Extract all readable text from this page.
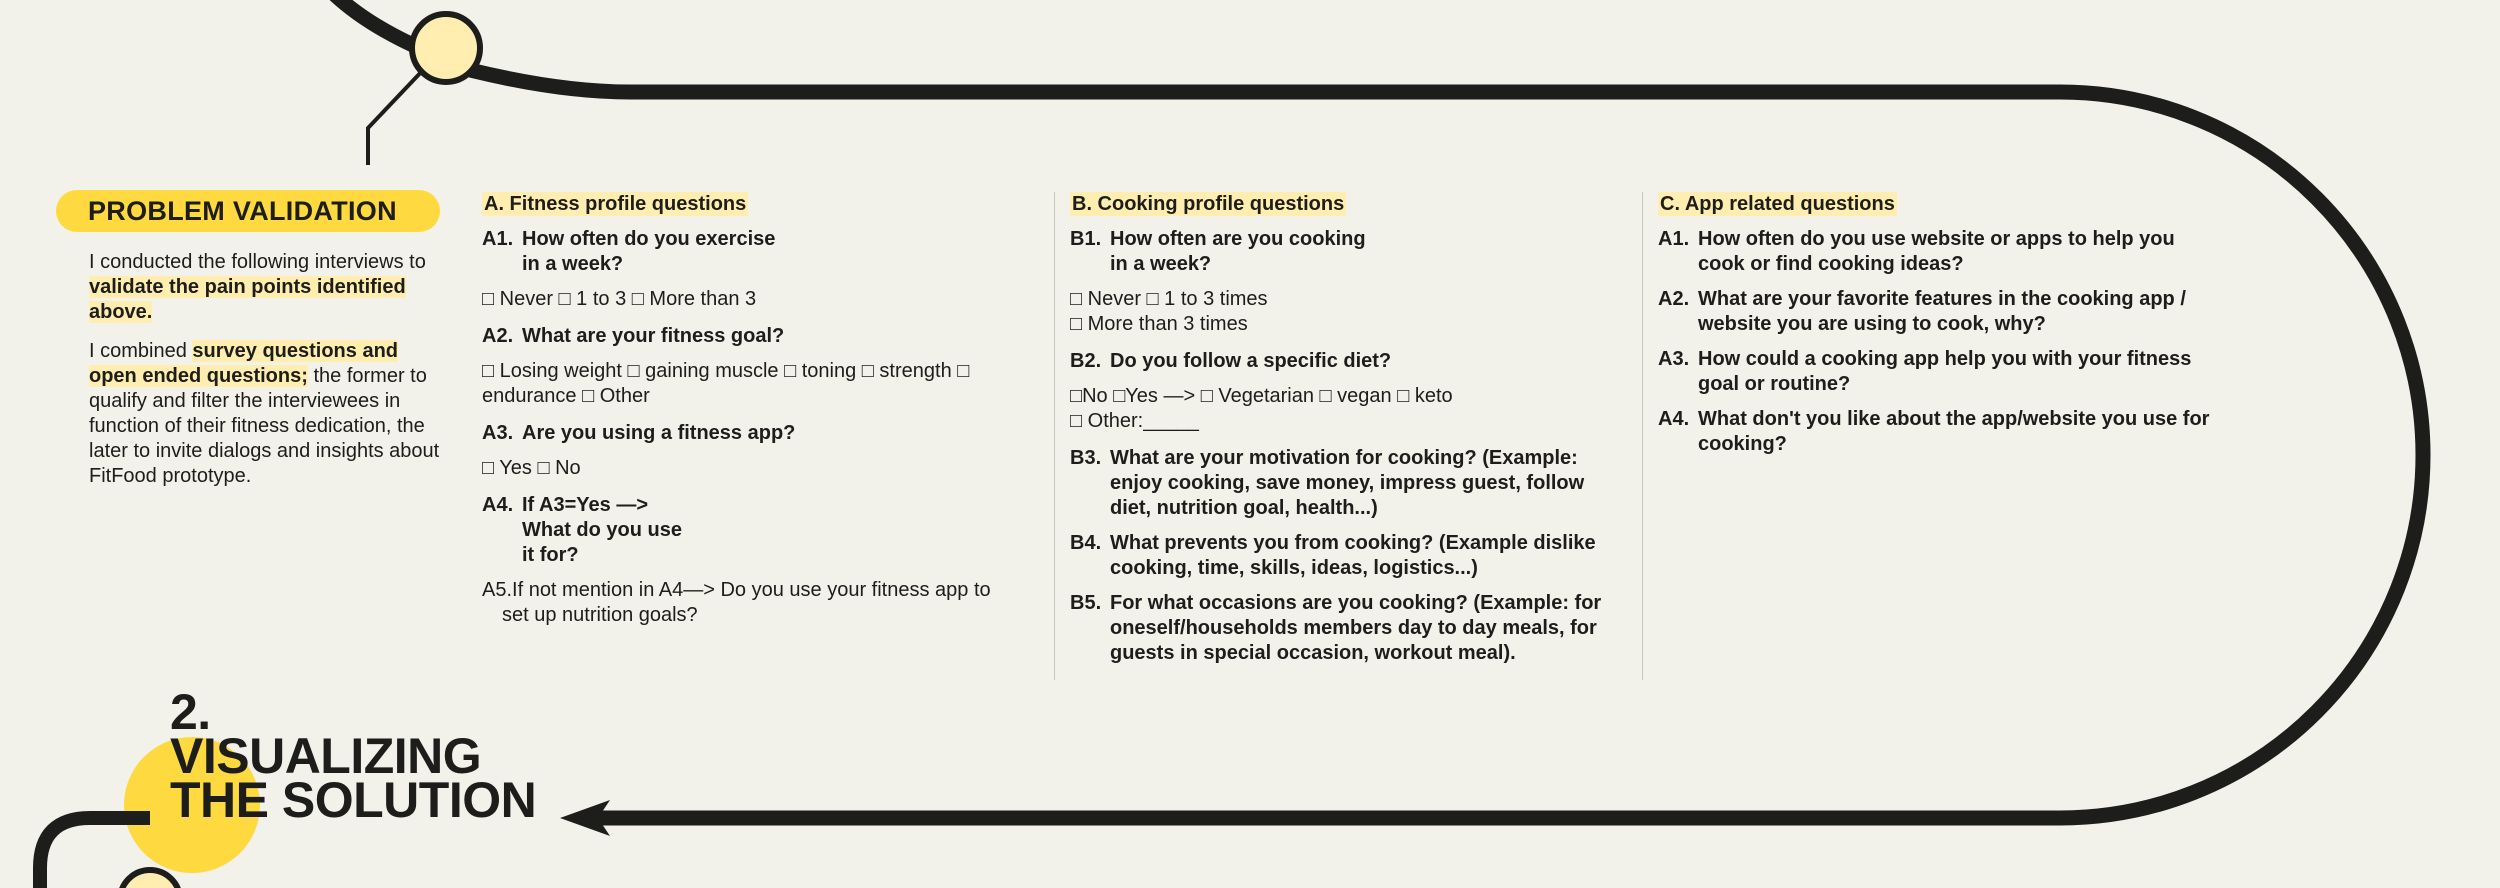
PROBLEM VALIDATION

I conducted the following interviews to validate the pain points identified above.

I combined survey questions and open ended questions; the former to qualify and filter the interviewees in function of their fitness dedication, the later to invite dialogs and insights about FitFood prototype.

A. Fitness profile questions
A1. How often do you exercise in a week?
□ Never □ 1 to 3 □ More than 3
A2. What are your fitness goal?
□ Losing weight □ gaining muscle □ toning □ strength □ endurance □ Other
A3. Are you using a fitness app?
□ Yes □ No
A4. If A3=Yes —> What do you use it for?
A5.If not mention in A4—> Do you use your fitness app to
set up nutrition goals?
B. Cooking profile questions
B1. How often are you cooking in a week?
□ Never □ 1 to 3 times
□ More than 3 times
B2. Do you follow a specific diet?
□No □Yes —> □ Vegetarian □ vegan □ keto
□ Other:_____
B3. What are your motivation for cooking? (Example: enjoy cooking, save money, impress guest, follow diet, nutrition goal, health...)
B4. What prevents you from cooking? (Example dislike cooking, time, skills, ideas, logistics...)
B5. For what occasions are you cooking? (Example: for oneself/households members day to day meals, for guests in special occasion, workout meal).
C. App related questions
A1. How often do you use website or apps to help you cook or find cooking ideas?
A2. What are your favorite features in the cooking app / website you are using to cook, why?
A3. How could a cooking app help you with your fitness goal or routine?
A4. What don't you like about the app/website you use for cooking?
2.
VISUALIZING
THE SOLUTION
